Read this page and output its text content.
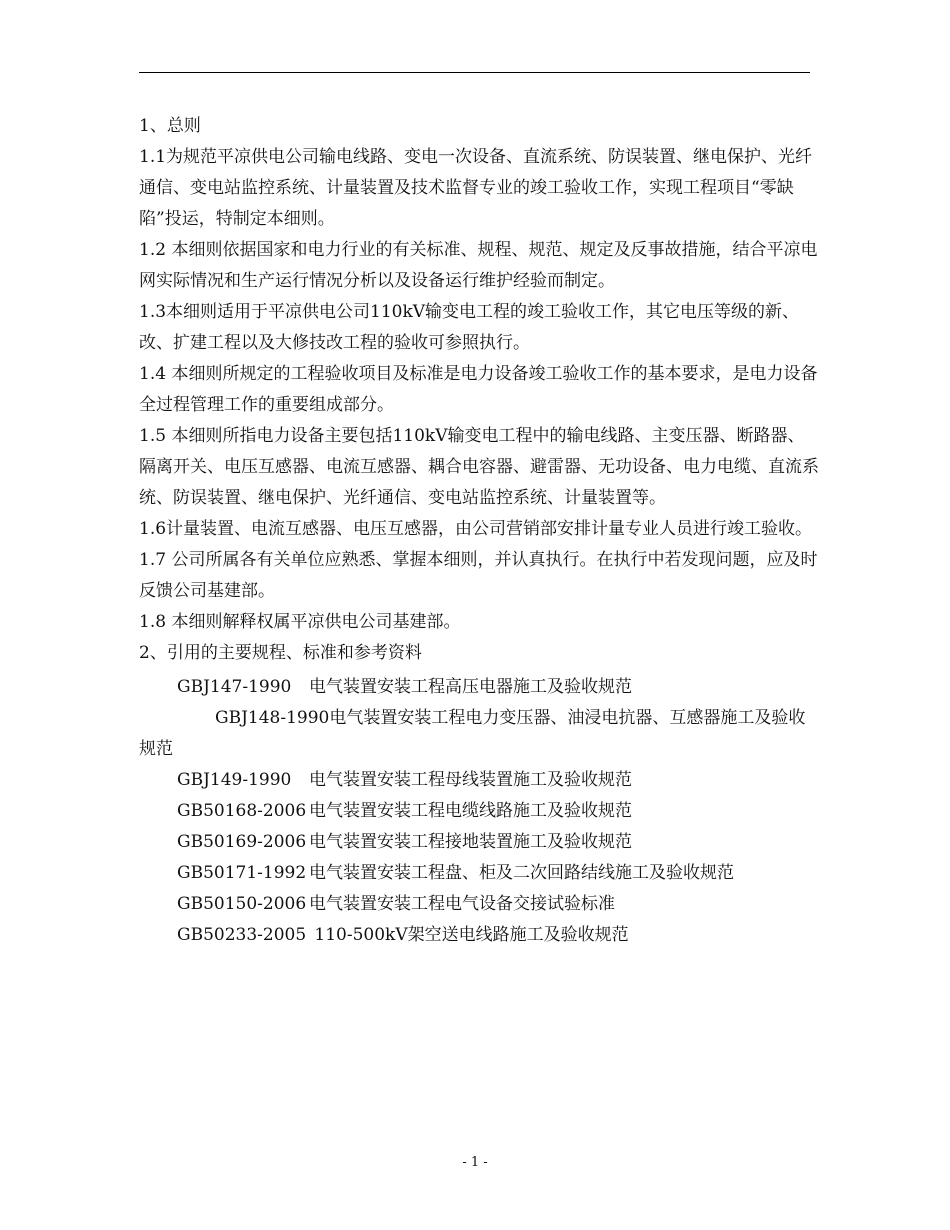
1、总则

1.1为规范平凉供电公司输电线路、变电一次设备、直流系统、防误装置、继电保护、光纤通信、变电站监控系统、计量装置及技术监督专业的竣工验收工作，实现工程项目“零缺陷”投运，特制定本细则。

1.2 本细则依据国家和电力行业的有关标准、规程、规范、规定及反事故措施，结合平凉电网实际情况和生产运行情况分析以及设备运行维护经验而制定。

1.3本细则适用于平凉供电公司110kV输变电工程的竣工验收工作，其它电压等级的新、改、扩建工程以及大修技改工程的验收可参照执行。

1.4 本细则所规定的工程验收项目及标准是电力设备竣工验收工作的基本要求，是电力设备全过程管理工作的重要组成部分。

1.5 本细则所指电力设备主要包括110kV输变电工程中的输电线路、主变压器、断路器、隔离开关、电压互感器、电流互感器、耦合电容器、避雷器、无功设备、电力电缆、直流系统、防误装置、继电保护、光纤通信、变电站监控系统、计量装置等。

1.6计量装置、电流互感器、电压互感器，由公司营销部安排计量专业人员进行竣工验收。

1.7 公司所属各有关单位应熟悉、掌握本细则，并认真执行。在执行中若发现问题，应及时反馈公司基建部。

1.8 本细则解释权属平凉供电公司基建部。

2、引用的主要规程、标准和参考资料

GBJ147-1990 电气装置安装工程高压电器施工及验收规范

GBJ148-1990电气装置安装工程电力变压器、油浸电抗器、互感器施工及验收规范

GBJ149-1990 电气装置安装工程母线装置施工及验收规范

GB50168-2006 电气装置安装工程电缆线路施工及验收规范

GB50169-2006 电气装置安装工程接地装置施工及验收规范

GB50171-1992 电气装置安装工程盘、柜及二次回路结线施工及验收规范

GB50150-2006 电气装置安装工程电气设备交接试验标准

GB50233-2005 110-500kV架空送电线路施工及验收规范

- 1 -
